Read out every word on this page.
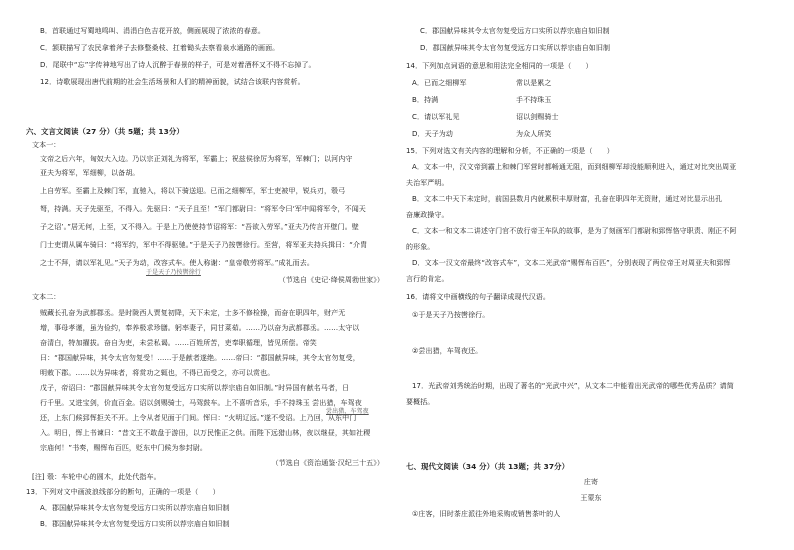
B．首联通过写蜀地鸣叫、涓涓白色吉花开放，侧面展现了浓浓的春意。
C．颔联描写了农民拿着斧子去修整桑枝、扛着锄头去察看泉水通路的画面。
D．尾联中“忘”字传神地写出了诗人沉醉于春景的样子，可是对着酒杯又不得不忘掉了。
12．诗歌展现出唐代前期的社会生活场景和人们的精神面貌，试结合该联内容赏析。
六、文言文阅读（27 分）（共 5题；共 13分）
文本一：
文帝之后六年，匈奴大入边。乃以宗正刘礼为将军，军霸上；祝兹侯徐厉为将军，军棘门；以河内守
亚夫为将军，军细柳，以备胡。
上自劳军。至霸上及棘门军，直驰入，将以下骑送迎。已而之细柳军，军士吏被甲，锐兵刃，彀弓
弩，持满。天子先驱至，不得入。先驱曰：“天子且至！”军门都尉曰：“将军令曰‘军中闻将军令，不闻天
子之诏’。”居无何，上至，又不得入。于是上乃使使持节诏将军：“吾欲入劳军。”亚夫乃传言开壁门。壁
门士吏谓从属车骑曰：“将军约，军中不得驱驰。”于是天子乃按辔徐行。至营，将军亚夫持兵揖曰：“介胄
之士不拜，请以军礼见。”天子为动，改容式车。使人称谢：“皇帝敬劳将军。”成礼而去。
于是天子乃按辔徐行
（节选自《史记·绛侯周勃世家》）
文本二：
贼藏长孔奋为武都郡丞。是时陇西人贾复初降，天下未定，士多不修检操，而奋在职四年，财产无
增，事母孝谨，虽为俭约，奉养极求珍膳。躬率妻子，同甘菜茹。……乃以奋为武都郡丞。……太守以
奋清白，特加擢拔。奋自为吏，未尝私谒。……百姓所苦，吏奉职循理，皆见所偿。帝笑
曰：“郡国献异味，其令太官勿复受！……于是献者遂绝。……帝曰：“郡国献异味，其令太官勿复受，
明敕下郡。……以为异味者，将赏功之辄也，不得已而受之，亦可以赏也。
戊子，帝诏曰：“郡国献异味其令太官勿复受远方口实所以荐宗庙自如旧制。”时异国有献名马者，日
行千里。又进宝剑，价直百金。诏以剑赐骑士，马驾鼓车。上不喜听音乐，手不持珠玉 尝出猎，车驾夜
还，上东门候郅恽拒关不开。上令从者见面于门间。恽曰：“火明辽远。”遂不受诏。上乃回，从东中门
入。明日，恽上书谏曰：“昔文王不敢盘于游田，以万民惟正之供。而陛下远猎山林，夜以继昼，其如社稷
宗庙何！”书奏，赐恽布百匹，贬东中门候为参封尉。
尝出猎，车驾夜
（节选自《资治通鉴·汉纪三十五》）
[注] 彀：车轮中心的圆木，此处代指车。
13．下列对文中画波浪线部分的断句，正确的一项是（　　）
A．郡国献异味其令太官勿复受远方口实所以荐宗庙自如旧制
B．郡国献异味其令太官勿复受远方口实所以荐宗庙自如旧制
C．郡国献异味其令太官勿复受远方口实所以荐宗庙自如旧制
D．郡国献异味其令太官勿复受远方口实所以荐宗庙自如旧制
14．下列加点词语的意思和用法完全相同的一项是（　　）
A．已而之细柳军	常以是累之
B．持满	手不持珠玉
C．请以军礼见	诏以剑赐骑士
D．天子为动	为众人所笑
15．下列对选文有关内容的理解和分析，不正确的一项是（　　）
A．文本一中，汉文帝到霸上和棘门军营时都畅通无阻，而到细柳军却没能顺利进入，通过对比突出周亚
夫治军严明。
B．文本二中天下未定时，前国县数月内就累积丰厚财富，孔奋在职四年无资财，通过对比显示出孔
奋廉政操守。
C．文本一和文本二讲述守门官不放行帝王车队的故事，是为了刻画军门都尉和郅恽恪守职责、刚正不阿
的形象。
D．文本一汉文帝最终“改容式车”，文本二光武帝“赐恽布百匹”，分别表现了两位帝王对周亚夫和郅恽
言行的肯定。
16．请将文中画横线的句子翻译成现代汉语。
①于是天子乃按辔徐行。
②尝出猎，车驾夜还。
17．光武帝刘秀统治时期，出现了著名的“光武中兴”，从文本二中能看出光武帝的哪些优秀品质？请简
要概括。
七、现代文阅读（34 分）（共 13题；共 37分）
庄寄
王蒙东
①庄客，旧时茶庄派往外地采购或销售茶叶的人
